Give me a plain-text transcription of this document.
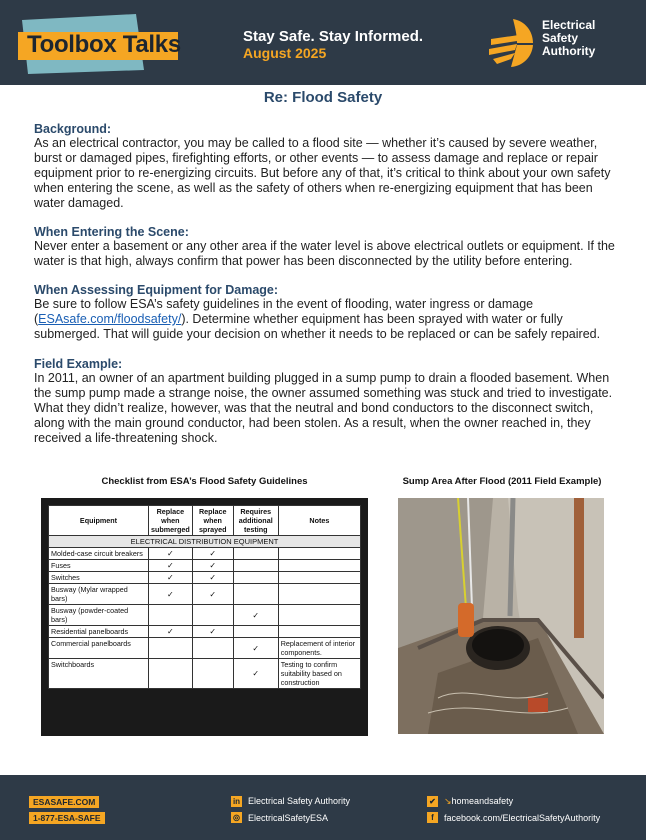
Toolbox Talks	Stay Safe. Stay Informed.
August 2025
Electrical
Safety
Authority
Re: Flood Safety
Background:

As an electrical contractor, you may be called to a flood site — whether it’s caused by severe weather, burst or damaged pipes, firefighting efforts, or other events — to assess damage and replace or repair equipment prior to re-energizing circuits. But before any of that, it’s critical to think about your own safety when entering the scene, as well as the safety of others when re-energizing equipment that has been water damaged.

When Entering the Scene:

Never enter a basement or any other area if the water level is above electrical outlets or equipment. If the water is that high, always confirm that power has been disconnected by the utility before entering.

When Assessing Equipment for Damage:

Be sure to follow ESA’s safety guidelines in the event of flooding, water ingress or damage (ESAsafe.com/floodsafety/). Determine whether equipment has been sprayed with water or fully submerged. That will guide your decision on whether it needs to be replaced or can be safely repaired.

Field Example:

In 2011, an owner of an apartment building plugged in a sump pump to drain a flooded basement. When the sump pump made a strange noise, the owner assumed something was stuck and tried to investigate. What they didn’t realize, however, was that the neutral and bond conductors to the disconnect switch, along with the main ground conductor, had been stolen. As a result, when the owner reached in, they received a life-threatening shock.

Checklist from ESA’s Flood Safety Guidelines	Sump Area After Flood (2011 Field Example)
Equipment	Replace when submerged	Replace when sprayed	Requires additional testing	Notes
ELECTRICAL DISTRIBUTION EQUIPMENT				
Molded-case circuit breakers	✓	✓		
Fuses	✓	✓		
Switches	✓	✓		
Busway (Mylar wrapped bars)	✓	✓		
Busway (powder-coated bars)			✓	
Residential panelboards	✓	✓		
Commercial panelboards			✓	Replacement of interior components.
Switchboards			✓	Testing to confirm suitability based on construction
ESASAFE.COM
1-877-ESA-SAFE
in Electrical Safety Authority
◎ ElectricalSafetyESA
✔ ↘homeandsafety
f	facebook.com/ElectricalSafetyAuthority
